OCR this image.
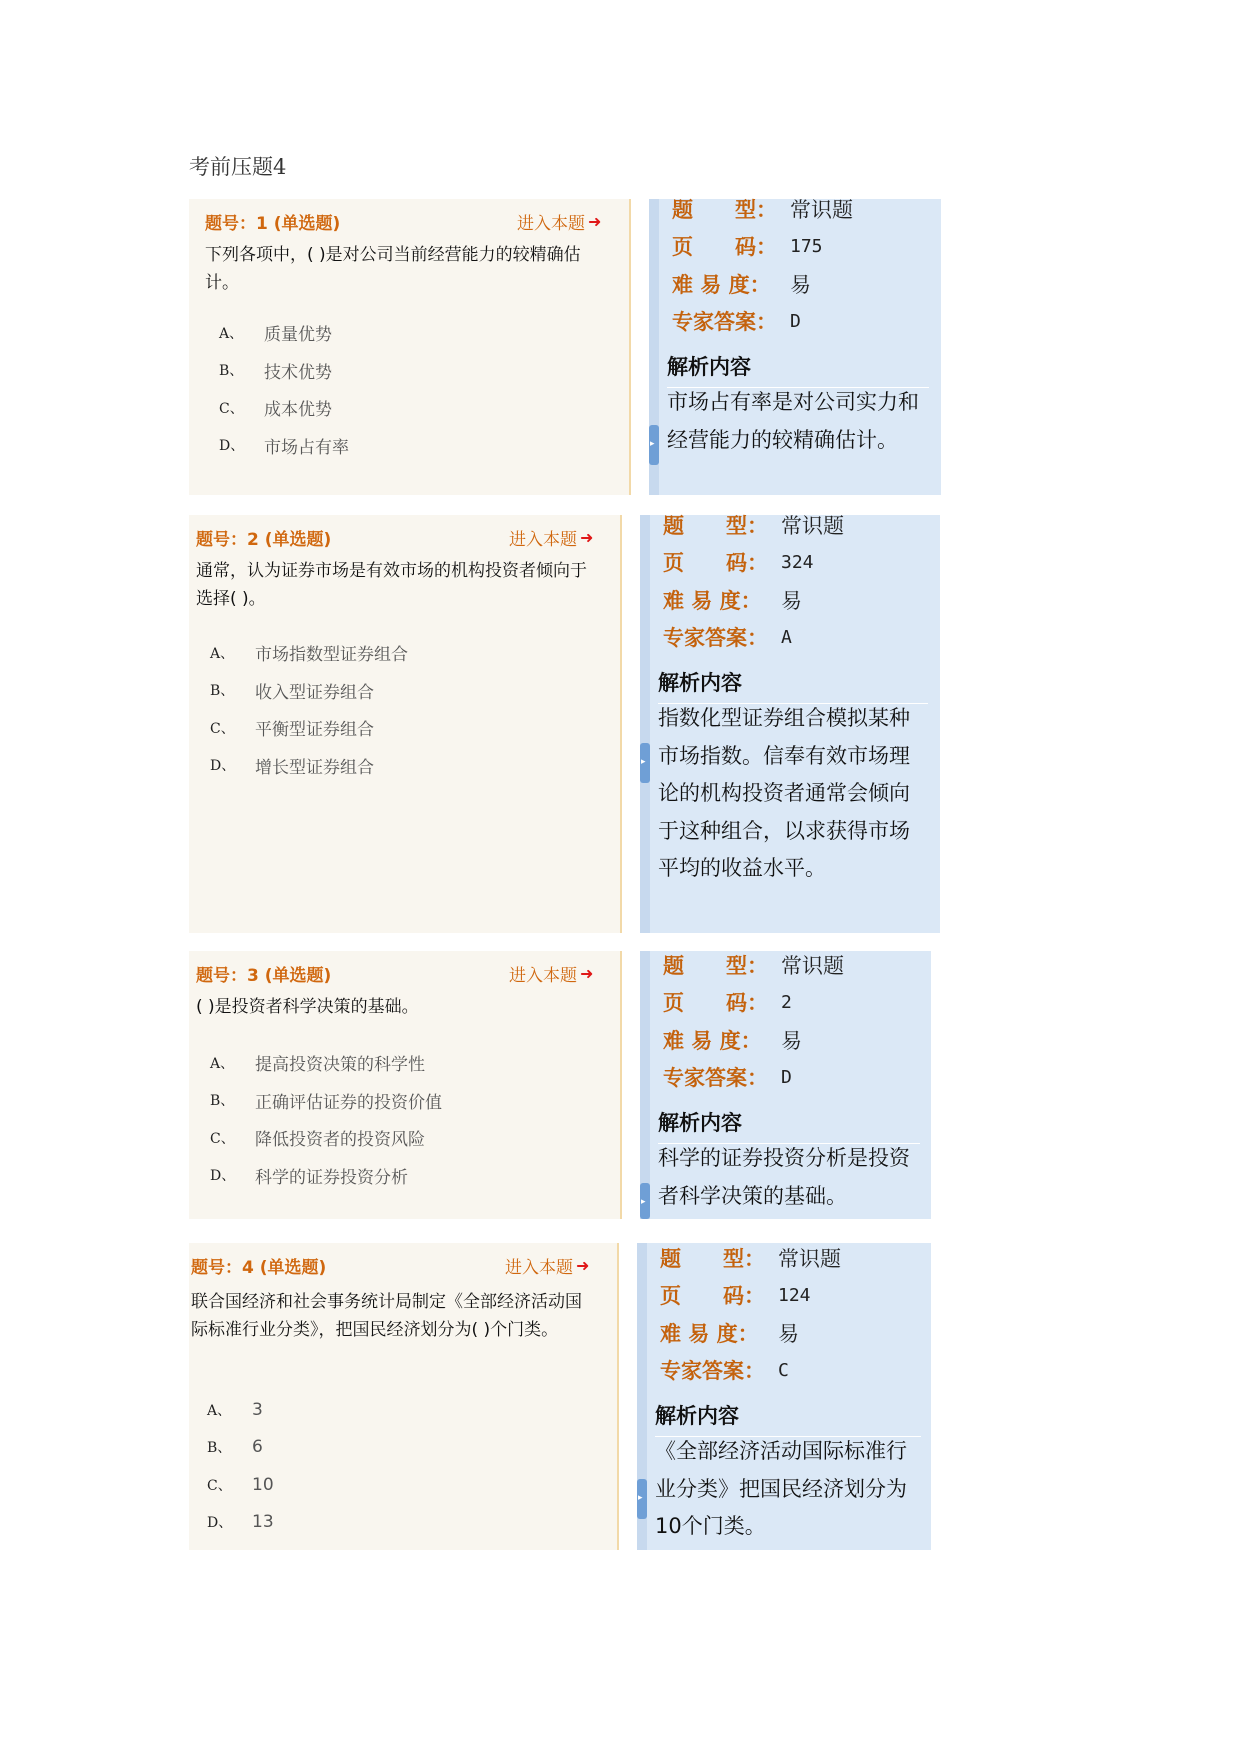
考前压题4
题号：1 (单选题)	进入本题 ➜
下列各项中，( )是对公司当前经营能力的较精确估计。
A、	质量优势
B、	技术优势
C、	成本优势
D、	市场占有率
▸
题　　型： 常识题
页　　码： 175
难 易 度： 易
专家答案： D
解析内容
市场占有率是对公司实力和经营能力的较精确估计。
题号：2 (单选题)	进入本题 ➜
通常，认为证券市场是有效市场的机构投资者倾向于选择( )。
A、	市场指数型证券组合
B、	收入型证券组合
C、	平衡型证券组合
D、	增长型证券组合
▸
题　　型： 常识题
页　　码： 324
难 易 度： 易
专家答案： A
解析内容
指数化型证券组合模拟某种市场指数。信奉有效市场理论的机构投资者通常会倾向于这种组合，以求获得市场平均的收益水平。
题号：3 (单选题)	进入本题 ➜
( )是投资者科学决策的基础。
A、	提高投资决策的科学性
B、	正确评估证券的投资价值
C、	降低投资者的投资风险
D、	科学的证券投资分析
▸
题　　型： 常识题
页　　码： 2
难 易 度： 易
专家答案： D
解析内容
科学的证券投资分析是投资者科学决策的基础。
题号：4 (单选题)	进入本题 ➜
联合国经济和社会事务统计局制定《全部经济活动国际标准行业分类》，把国民经济划分为( )个门类。
A、	3
B、	6
C、	10
D、	13
▸
题　　型： 常识题
页　　码： 124
难 易 度： 易
专家答案： C
解析内容
《全部经济活动国际标准行业分类》把国民经济划分为10个门类。
